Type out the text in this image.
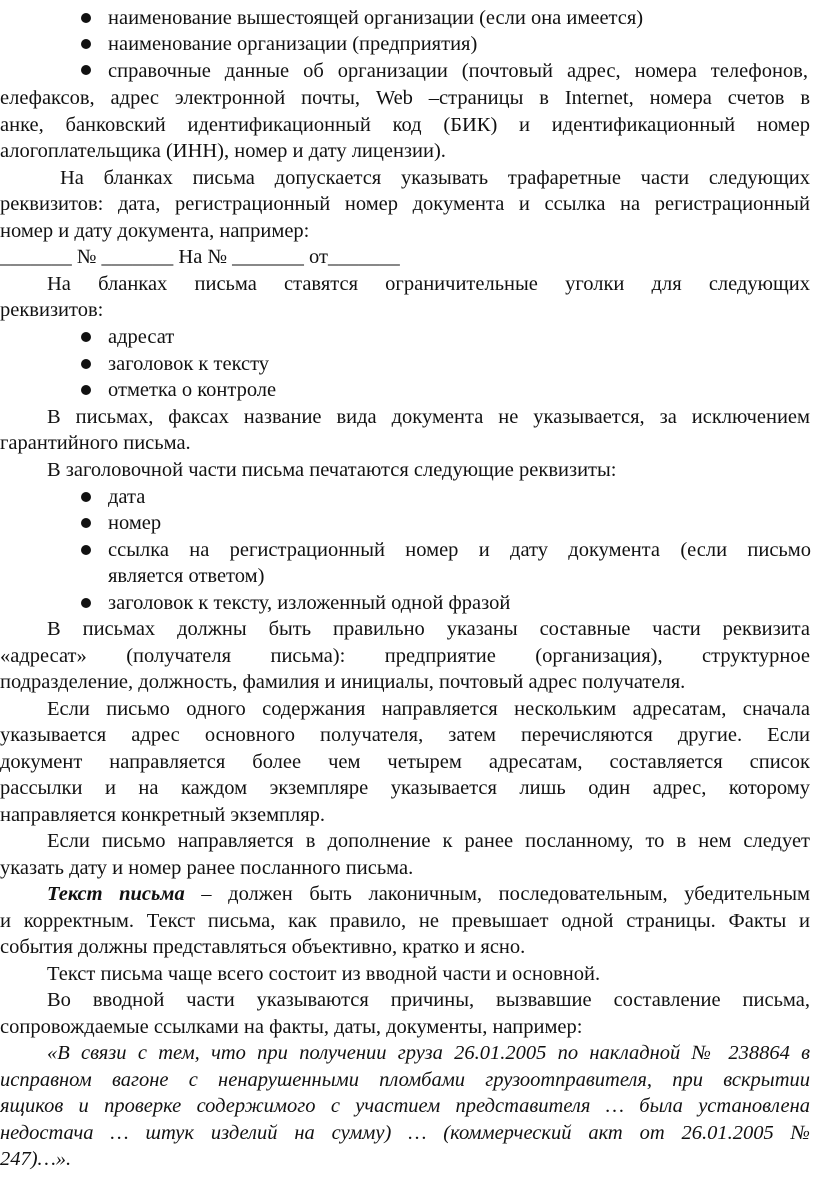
наименование вышестоящей организации (если она имеется)
наименование организации (предприятия)
справочные данные об организации (почтовый адрес, номера телефонов,
елефаксов, адрес электронной почты, Web –страницы в Internet, номера счетов в
анке, банковский идентификационный код (БИК) и идентификационный номер
алогоплательщика (ИНН), номер и дату лицензии).
На бланках письма допускается указывать трафаретные части следующих
реквизитов: дата, регистрационный номер документа и ссылка на регистрационный
номер и дату документа, например:
_______ № _______ На № _______ от_______
На бланках письма ставятся ограничительные уголки для следующих
реквизитов:
адресат
заголовок к тексту
отметка о контроле
В письмах, факсах название вида документа не указывается, за исключением
гарантийного письма.
В заголовочной части письма печатаются следующие реквизиты:
дата
номер
ссылка на регистрационный номер и дату документа (если письмо
является ответом)
заголовок к тексту, изложенный одной фразой
В письмах должны быть правильно указаны составные части реквизита
«адресат» (получателя письма): предприятие (организация), структурное
подразделение, должность, фамилия и инициалы, почтовый адрес получателя.
Если письмо одного содержания направляется нескольким адресатам, сначала
указывается адрес основного получателя, затем перечисляются другие. Если
документ направляется более чем четырем адресатам, составляется список
рассылки и на каждом экземпляре указывается лишь один адрес, которому
направляется конкретный экземпляр.
Если письмо направляется в дополнение к ранее посланному, то в нем следует
указать дату и номер ранее посланного письма.
Текст письма – должен быть лаконичным, последовательным, убедительным
и корректным. Текст письма, как правило, не превышает одной страницы. Факты и
события должны представляться объективно, кратко и ясно.
Текст письма чаще всего состоит из вводной части и основной.
Во вводной части указываются причины, вызвавшие составление письма,
сопровождаемые ссылками на факты, даты, документы, например:
«В связи с тем, что при получении груза 26.01.2005 по накладной № 238864 в
исправном вагоне с ненарушенными пломбами грузоотправителя, при вскрытии
ящиков и проверке содержимого с участием представителя … была установлена
недостача … штук изделий на сумму) … (коммерческий акт от 26.01.2005 №
247)…».
